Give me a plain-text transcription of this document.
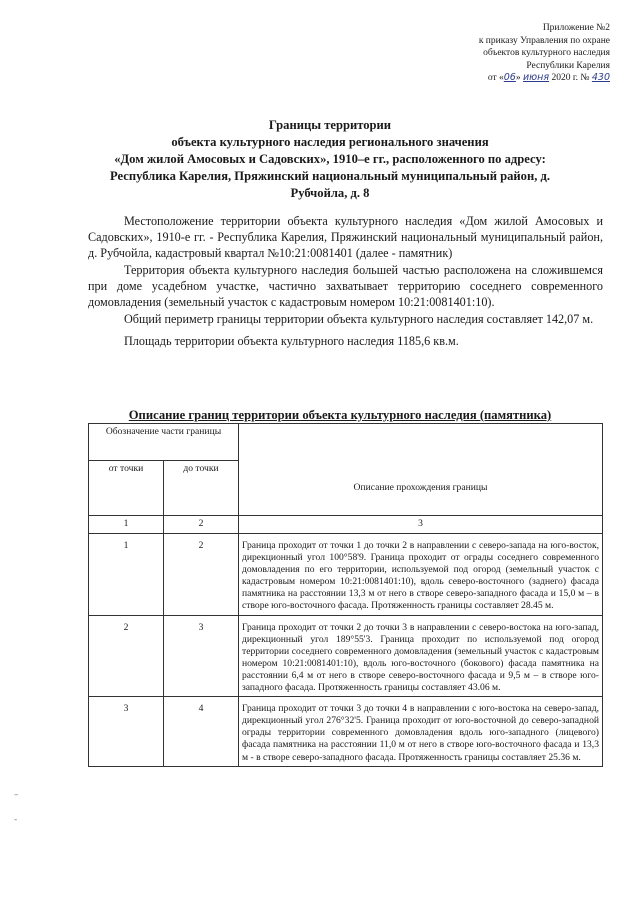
Приложение №2
к приказу Управления по охране
объектов культурного наследия
Республики Карелия
от «06» июня 2020 г. № 430
Границы территории
объекта культурного наследия регионального значения
«Дом жилой Амосовых и Садовских», 1910–е гг., расположенного по адресу:
Республика Карелия, Пряжинский национальный муниципальный район, д.
Рубчойла, д. 8

Местоположение территории объекта культурного наследия «Дом жилой Амосовых и Садовских», 1910-е гг. - Республика Карелия, Пряжинский национальный муниципальный район, д. Рубчойла, кадастровый квартал №10:21:0081401 (далее - памятник)

Территория объекта культурного наследия большей частью расположена на сложившемся при доме усадебном участке, частично захватывает территорию соседнего современного домовладения (земельный участок с кадастровым номером 10:21:0081401:10).

Общий периметр границы территории объекта культурного наследия составляет 142,07 м.

Площадь территории объекта культурного наследия 1185,6 кв.м.

Описание границ территории объекта культурного наследия (памятника)
Обозначение части границы		Описание прохождения границы
от точки	до точки	
1	2	3
1	2	Граница проходит от точки 1 до точки 2 в направлении с северо-запада на юго-восток, дирекционный угол 100°58'9. Граница проходит от ограды соседнего современного домовладения по его территории, используемой под огород (земельный участок с кадастровым номером 10:21:0081401:10), вдоль северо-восточного (заднего) фасада памятника на расстоянии 13,3 м от него в створе северо-западного фасада и 15,0 м – в створе юго-восточного фасада. Протяженность границы составляет 28.45 м.
2	3	Граница проходит от точки 2 до точки 3 в направлении с северо-востока на юго-запад, дирекционный угол 189°55'3. Граница проходит по используемой под огород территории соседнего современного домовладения (земельный участок с кадастровым номером 10:21:0081401:10), вдоль юго-восточного (бокового) фасада памятника на расстоянии 6,4 м от него в створе северо-восточного фасада и 9,5 м – в створе юго-западного фасада. Протяженность границы составляет 43.06 м.
3	4	Граница проходит от точки 3 до точки 4 в направлении с юго-востока на северо-запад, дирекционный угол 276°32'5. Граница проходит от юго-восточной до северо-западной ограды территории современного домовладения вдоль юго-западного (лицевого) фасада памятника на расстоянии 11,0 м от него в створе юго-восточного фасада и 13,3 м - в створе северо-западного фасада. Протяженность границы составляет 25.36 м.
–
-
